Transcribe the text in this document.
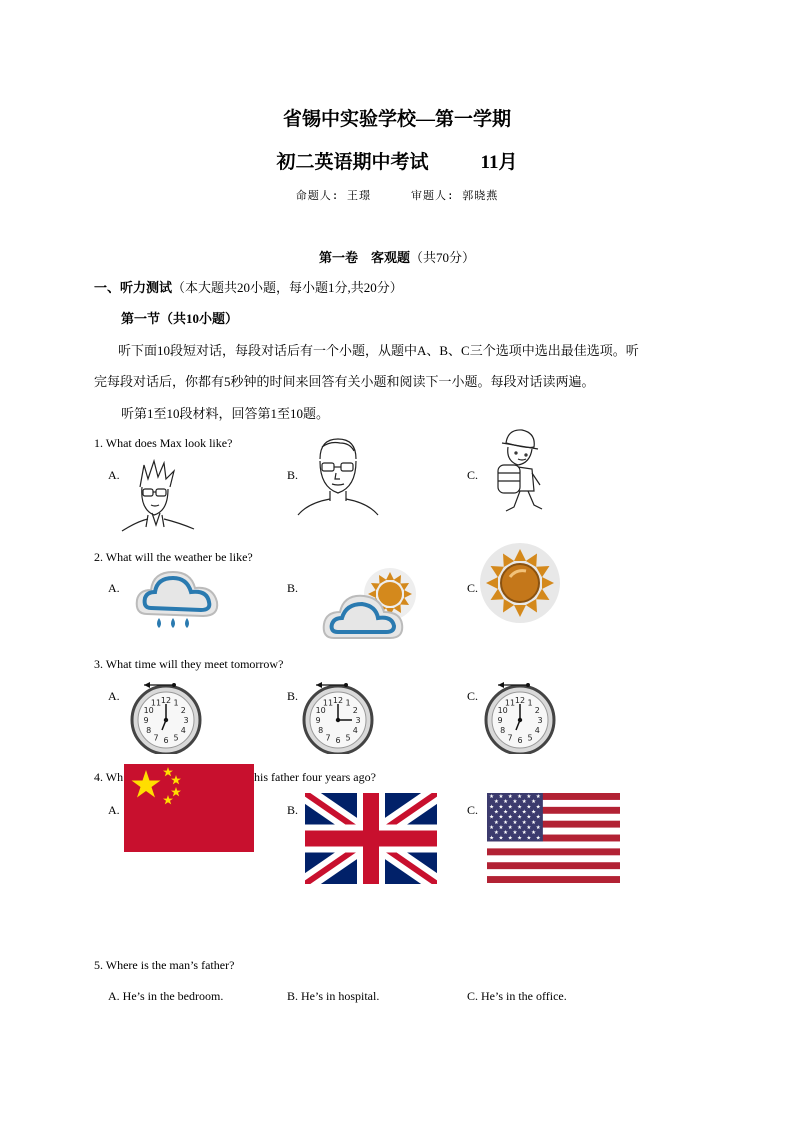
省锡中实验学校—第一学期
初二英语期中考试	11月
命题人: 王璟	审题人: 郭晓燕
第一卷　客观题（共70分）
一、听力测试（本大题共20小题，每小题1分,共20分）
第一节（共10小题）
听下面10段短对话，每段对话后有一个小题，从题中A、B、C三个选项中选出最佳选项。听
完每段对话后，你都有5秒钟的时间来回答有关小题和阅读下一小题。每段对话读两遍。
听第1至10段材料，回答第1至10题。
1. What does Max look like?
A.	B.	C.
2. What will the weather be like?
A.	B.	C.
3. What time will they meet tomorrow?
A.	B.	C.
12 1
2
3
4
5
6
7
8
9
10
11	12 1
2
3
4
5
6
7
8
9
10
11	12 1
2
3
4
5
6
7
8
9
10
11
4. Wh	his father four years ago?
A.	B.	C.
★ ★ ★ ★ ★ ★
★ ★ ★ ★ ★
★ ★ ★ ★ ★ ★
★ ★ ★ ★ ★
★ ★ ★ ★ ★ ★
★ ★ ★ ★ ★
★ ★ ★ ★ ★ ★
★ ★ ★ ★ ★
★ ★ ★ ★ ★ ★
5. Where is the man’s father?
A. He’s in the bedroom.	B. He’s in hospital.	C. He’s in the office.
